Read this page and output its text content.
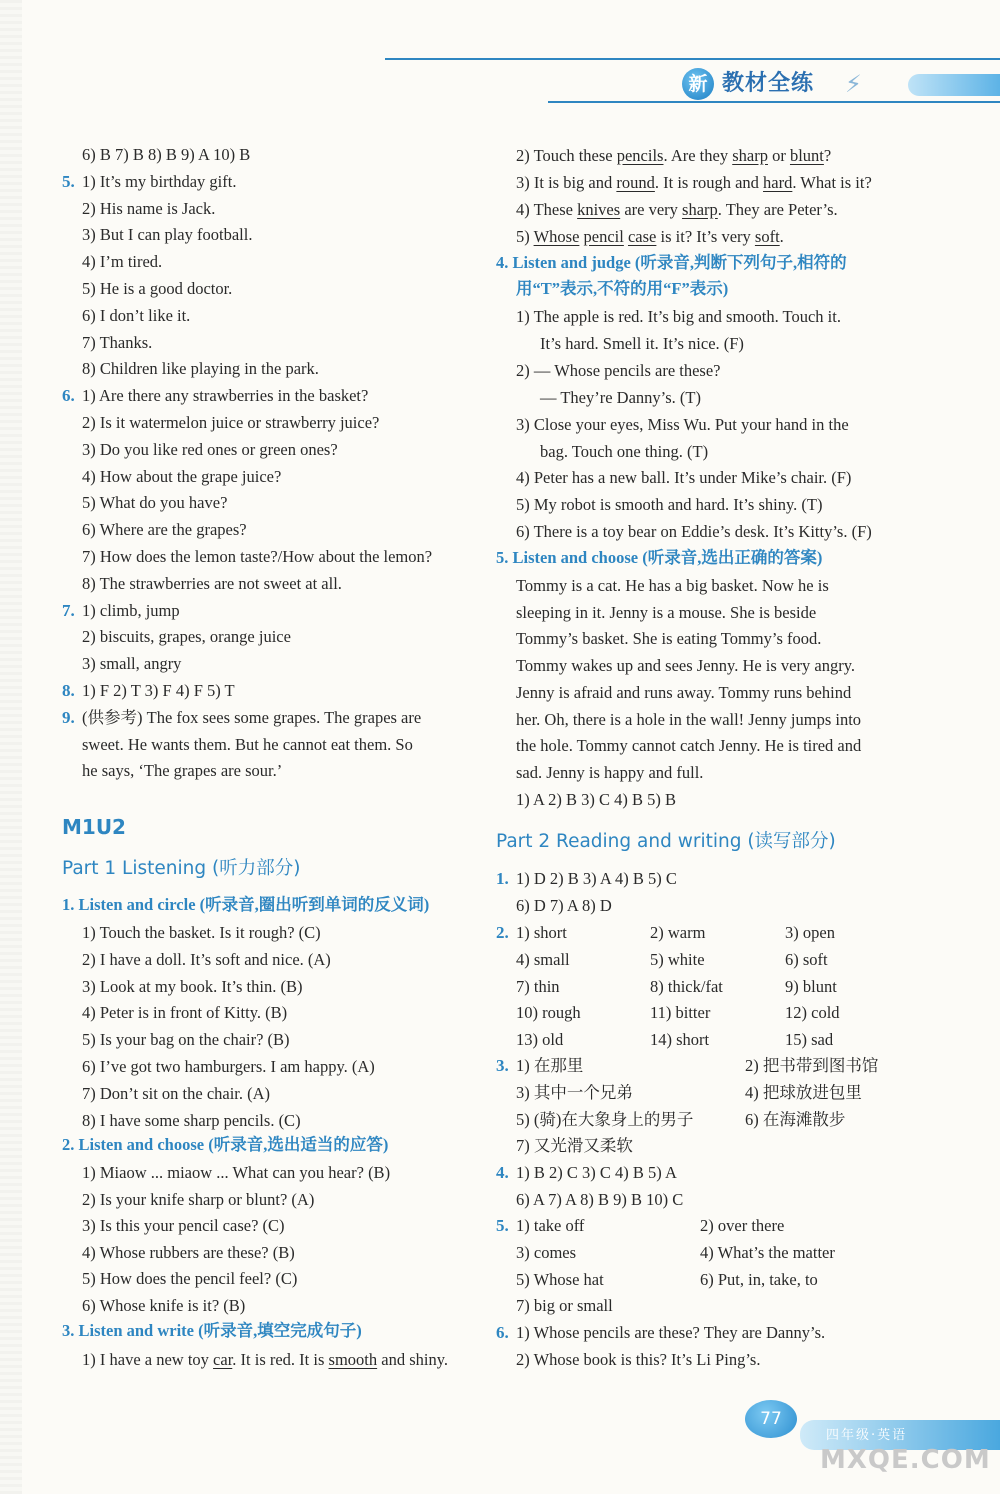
新 教材全练 ⚡
6) B 7) B 8) B 9) A 10) B
5. 1) It’s my birthday gift.
2) His name is Jack.
3) But I can play football.
4) I’m tired.
5) He is a good doctor.
6) I don’t like it.
7) Thanks.
8) Children like playing in the park.
6. 1) Are there any strawberries in the basket?
2) Is it watermelon juice or strawberry juice?
3) Do you like red ones or green ones?
4) How about the grape juice?
5) What do you have?
6) Where are the grapes?
7) How does the lemon taste?/How about the lemon?
8) The strawberries are not sweet at all.
7. 1) climb, jump
2) biscuits, grapes, orange juice
3) small, angry
8. 1) F 2) T 3) F 4) F 5) T
9. (供参考) The fox sees some grapes. The grapes are
sweet. He wants them. But he cannot eat them. So
he says, ‘The grapes are sour.’
M1U2
Part 1 Listening (听力部分)
1. Listen and circle (听录音,圈出听到单词的反义词)
1) Touch the basket. Is it rough? (C)
2) I have a doll. It’s soft and nice. (A)
3) Look at my book. It’s thin. (B)
4) Peter is in front of Kitty. (B)
5) Is your bag on the chair? (B)
6) I’ve got two hamburgers. I am happy. (A)
7) Don’t sit on the chair. (A)
8) I have some sharp pencils. (C)
2. Listen and choose (听录音,选出适当的应答)
1) Miaow ... miaow ... What can you hear? (B)
2) Is your knife sharp or blunt? (A)
3) Is this your pencil case? (C)
4) Whose rubbers are these? (B)
5) How does the pencil feel? (C)
6) Whose knife is it? (B)
3. Listen and write (听录音,填空完成句子)
1) I have a new toy car. It is red. It is smooth and shiny.
2) Touch these pencils. Are they sharp or blunt?
3) It is big and round. It is rough and hard. What is it?
4) These knives are very sharp. They are Peter’s.
5) Whose pencil case is it? It’s very soft.
4. Listen and judge (听录音,判断下列句子,相符的
用“T”表示,不符的用“F”表示)
1) The apple is red. It’s big and smooth. Touch it.
It’s hard. Smell it. It’s nice. (F)
2) — Whose pencils are these?
— They’re Danny’s. (T)
3) Close your eyes, Miss Wu. Put your hand in the
bag. Touch one thing. (T)
4) Peter has a new ball. It’s under Mike’s chair. (F)
5) My robot is smooth and hard. It’s shiny. (T)
6) There is a toy bear on Eddie’s desk. It’s Kitty’s. (F)
5. Listen and choose (听录音,选出正确的答案)
Tommy is a cat. He has a big basket. Now he is
sleeping in it. Jenny is a mouse. She is beside
Tommy’s basket. She is eating Tommy’s food.
Tommy wakes up and sees Jenny. He is very angry.
Jenny is afraid and runs away. Tommy runs behind
her. Oh, there is a hole in the wall! Jenny jumps into
the hole. Tommy cannot catch Jenny. He is tired and
sad. Jenny is happy and full.
1) A 2) B 3) C 4) B 5) B
Part 2 Reading and writing (读写部分)
1. 1) D 2) B 3) A 4) B 5) C
6) D 7) A 8) D
2. 1) short	2) warm	3) open
4) small	5) white	6) soft
7) thin	8) thick/fat	9) blunt
10) rough	11) bitter	12) cold
13) old	14) short	15) sad
3. 1) 在那里	2) 把书带到图书馆
3) 其中一个兄弟	4) 把球放进包里
5) (骑)在大象身上的男子	6) 在海滩散步
7) 又光滑又柔软
4. 1) B 2) C 3) C 4) B 5) A
6) A 7) A 8) B 9) B 10) C
5. 1) take off	2) over there
3) comes	4) What’s the matter
5) Whose hat	6) Put, in, take, to
7) big or small
6. 1) Whose pencils are these? They are Danny’s.
2) Whose book is this? It’s Li Ping’s.
77
四年级·英语
MXQE.COM
